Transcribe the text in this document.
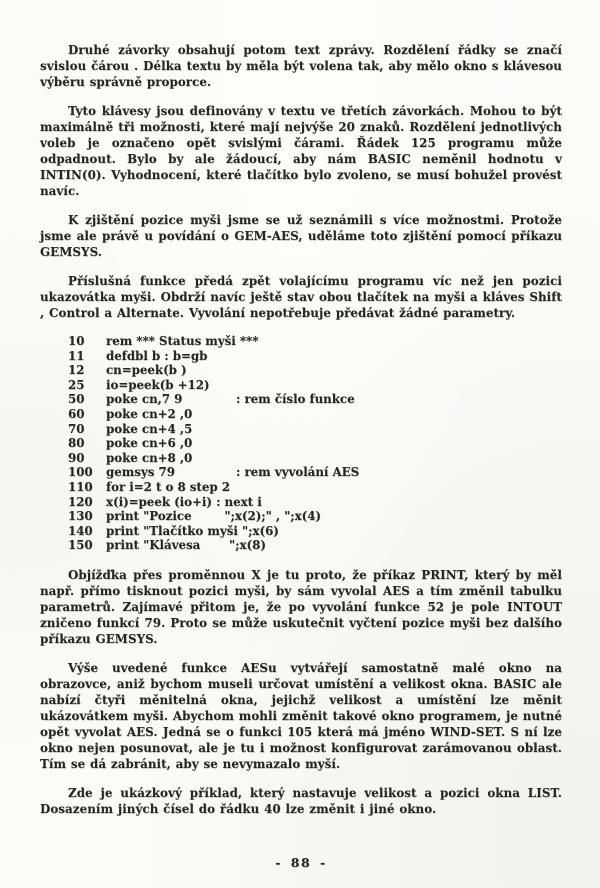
Druhé závorky obsahují potom text zprávy. Rozdělení řádky se značí svislou čárou . Délka textu by měla být volena tak, aby mělo okno s klávesou výběru správně proporce.

Tyto klávesy jsou definovány v textu ve třetích závorkách. Mohou to být maximálně tři možnosti, které mají nejvýše 20 znaků. Rozdělení jednotlivých voleb je označeno opět svislými čárami. Řádek 125 programu může odpadnout. Bylo by ale žádoucí, aby nám BASIC neměnil hodnotu v INTIN(0). Vyhodnocení, které tlačítko bylo zvoleno, se musí bohužel provést navíc.

K zjištění pozice myši jsme se už seznámili s více možnostmi. Protože jsme ale právě u povídání o GEM-AES, uděláme toto zjištění pomocí příkazu GEMSYS.

Příslušná funkce předá zpět volajícímu programu víc než jen pozici ukazovátka myši. Obdrží navíc ještě stav obou tlačítek na myši a kláves Shift , Control a Alternate. Vyvolání nepotřebuje předávat žádné parametry.

10 rem *** Status myši ***
11 defdbl b : b=gb
12 cn=peek(b )
25 io=peek(b +12)
50 poke cn,7 9	: rem číslo funkce
60 poke cn+2 ,0
70 poke cn+4 ,5
80 poke cn+6 ,0
90 poke cn+8 ,0
100 gemsys 79	: rem vyvolání AES
110 for i=2 t o 8 step 2
120 x(i)=peek (io+i) : next i
130 print "Pozice        ";x(2);" , ";x(4)
140 print "Tlačítko myši ";x(6)
150 print "Klávesa       ";x(8)

Objížďka přes proměnnou X je tu proto, že příkaz PRINT, který by měl např. přímo tisknout pozici myši, by sám vyvolal AES a tím změnil tabulku parametrů. Zajímavé přitom je, že po vyvolání funkce 52 je pole INTOUT zničeno funkcí 79. Proto se může uskutečnit vyčtení pozice myši bez dalšího příkazu GEMSYS.

Výše uvedené funkce AESu vytvářejí samostatně malé okno na obrazovce, aniž bychom museli určovat umístění a velikost okna. BASIC ale nabízí čtyři měnitelná okna, jejichž velikost a umístění lze měnit ukázovátkem myši. Abychom mohli změnit takové okno programem, je nutné opět vyvolat AES. Jedná se o funkci 105 která má jméno WIND-SET. S ní lze okno nejen posunovat, ale je tu i možnost konfigurovat zarámovanou oblast. Tím se dá zabránit, aby se nevymazalo myší.

Zde je ukázkový příklad, který nastavuje velikost a pozici okna LIST. Dosazením jiných čísel do řádku 40 lze změnit i jiné okno.

- 88 -
